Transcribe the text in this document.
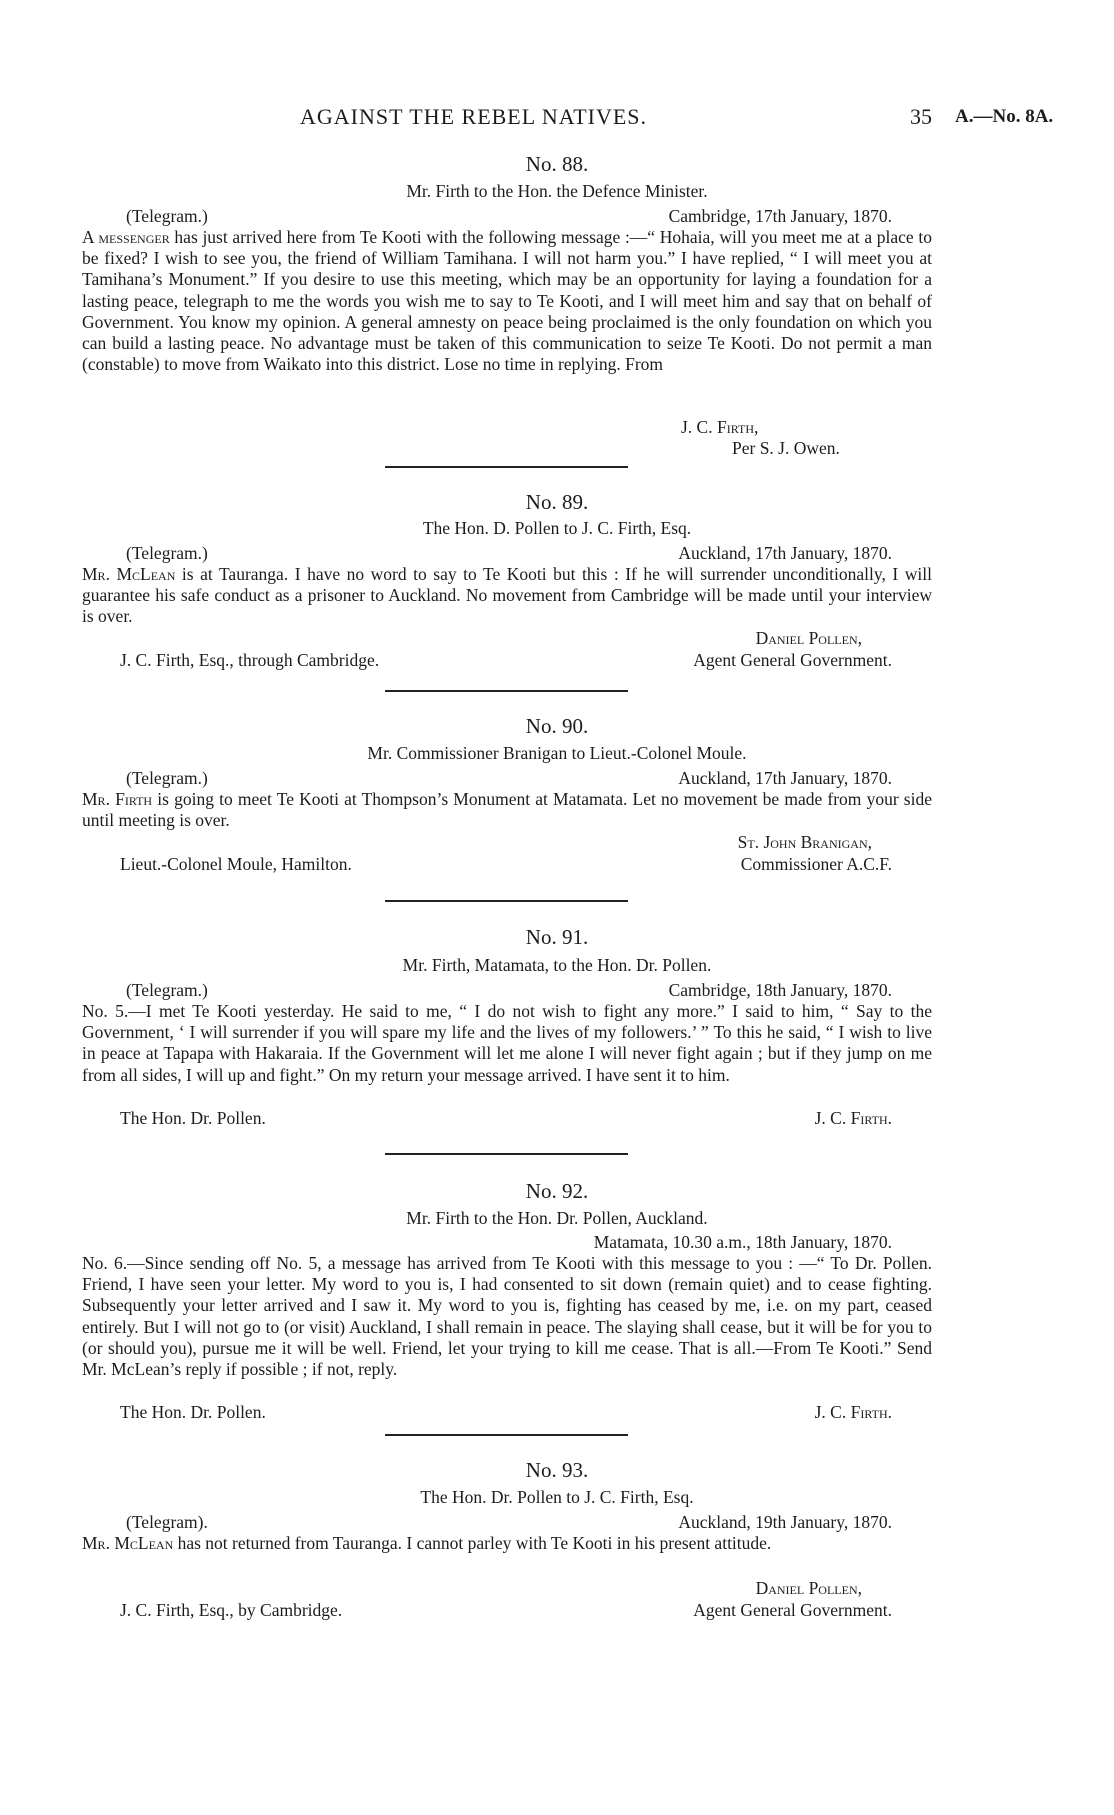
AGAINST THE REBEL NATIVES.	35 A.—No. 8A.
No. 88.
Mr. Firth to the Hon. the Defence Minister.
(Telegram.)	Cambridge, 17th January, 1870.
A messenger has just arrived here from Te Kooti with the following message :—“ Hohaia, will you meet me at a place to be fixed? I wish to see you, the friend of William Tamihana. I will not harm you.” I have replied, “ I will meet you at Tamihana’s Monument.” If you desire to use this meeting, which may be an opportunity for laying a foundation for a lasting peace, telegraph to me the words you wish me to say to Te Kooti, and I will meet him and say that on behalf of Government. You know my opinion. A general amnesty on peace being proclaimed is the only foundation on which you can build a lasting peace. No advantage must be taken of this communication to seize Te Kooti. Do not permit a man (constable) to move from Waikato into this district. Lose no time in replying. From
J. C. Firth,
Per S. J. Owen.
No. 89.
The Hon. D. Pollen to J. C. Firth, Esq.
(Telegram.)	Auckland, 17th January, 1870.
Mr. McLean is at Tauranga. I have no word to say to Te Kooti but this : If he will surrender unconditionally, I will guarantee his safe conduct as a prisoner to Auckland. No movement from Cambridge will be made until your interview is over.
Daniel Pollen,
J. C. Firth, Esq., through Cambridge.	Agent General Government.
No. 90.
Mr. Commissioner Branigan to Lieut.-Colonel Moule.
(Telegram.)	Auckland, 17th January, 1870.
Mr. Firth is going to meet Te Kooti at Thompson’s Monument at Matamata. Let no movement be made from your side until meeting is over.
St. John Branigan,
Lieut.-Colonel Moule, Hamilton.	Commissioner A.C.F.
No. 91.
Mr. Firth, Matamata, to the Hon. Dr. Pollen.
(Telegram.)	Cambridge, 18th January, 1870.
No. 5.—I met Te Kooti yesterday. He said to me, “ I do not wish to fight any more.” I said to him, “ Say to the Government, ‘ I will surrender if you will spare my life and the lives of my followers.’ ” To this he said, “ I wish to live in peace at Tapapa with Hakaraia. If the Government will let me alone I will never fight again ; but if they jump on me from all sides, I will up and fight.” On my return your message arrived. I have sent it to him.
The Hon. Dr. Pollen.	J. C. Firth.
No. 92.
Mr. Firth to the Hon. Dr. Pollen, Auckland.
Matamata, 10.30 a.m., 18th January, 1870.
No. 6.—Since sending off No. 5, a message has arrived from Te Kooti with this message to you : —“ To Dr. Pollen. Friend, I have seen your letter. My word to you is, I had consented to sit down (remain quiet) and to cease fighting. Subsequently your letter arrived and I saw it. My word to you is, fighting has ceased by me, i.e. on my part, ceased entirely. But I will not go to (or visit) Auckland, I shall remain in peace. The slaying shall cease, but it will be for you to (or should you), pursue me it will be well. Friend, let your trying to kill me cease. That is all.—From Te Kooti.” Send Mr. McLean’s reply if possible ; if not, reply.
The Hon. Dr. Pollen.	J. C. Firth.
No. 93.
The Hon. Dr. Pollen to J. C. Firth, Esq.
(Telegram).	Auckland, 19th January, 1870.
Mr. McLean has not returned from Tauranga. I cannot parley with Te Kooti in his present attitude.
Daniel Pollen,
J. C. Firth, Esq., by Cambridge.	Agent General Government.
